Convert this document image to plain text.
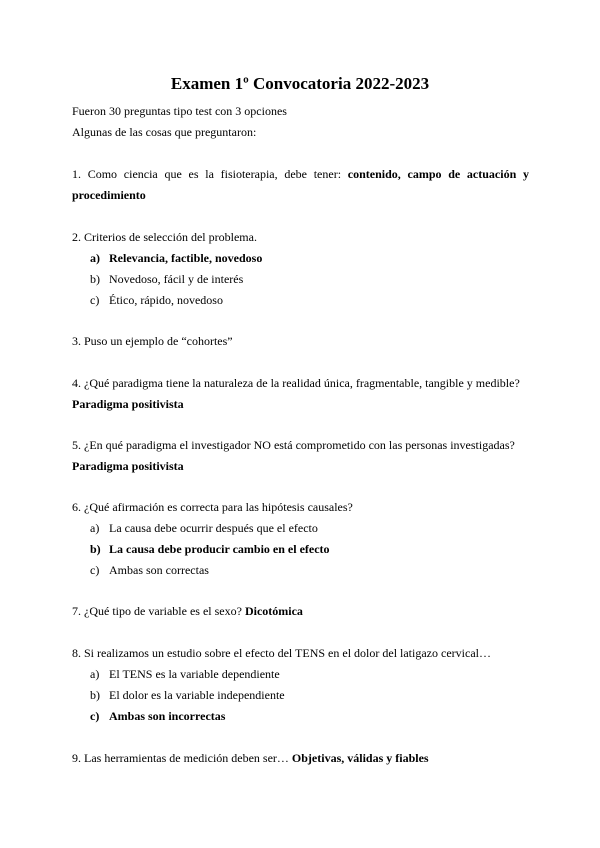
Examen 1º Convocatoria 2022-2023
Fueron 30 preguntas tipo test con 3 opciones
Algunas de las cosas que preguntaron:
1. Como ciencia que es la fisioterapia, debe tener: contenido, campo de actuación y
procedimiento
2. Criterios de selección del problema.
a) Relevancia, factible, novedoso
b) Novedoso, fácil y de interés
c) Ético, rápido, novedoso
3. Puso un ejemplo de “cohortes”
4. ¿Qué paradigma tiene la naturaleza de la realidad única, fragmentable, tangible y medible?
Paradigma positivista
5. ¿En qué paradigma el investigador NO está comprometido con las personas investigadas?
Paradigma positivista
6. ¿Qué afirmación es correcta para las hipótesis causales?
a) La causa debe ocurrir después que el efecto
b) La causa debe producir cambio en el efecto
c) Ambas son correctas
7. ¿Qué tipo de variable es el sexo? Dicotómica
8. Si realizamos un estudio sobre el efecto del TENS en el dolor del latigazo cervical…
a) El TENS es la variable dependiente
b) El dolor es la variable independiente
c) Ambas son incorrectas
9. Las herramientas de medición deben ser… Objetivas, válidas y fiables
